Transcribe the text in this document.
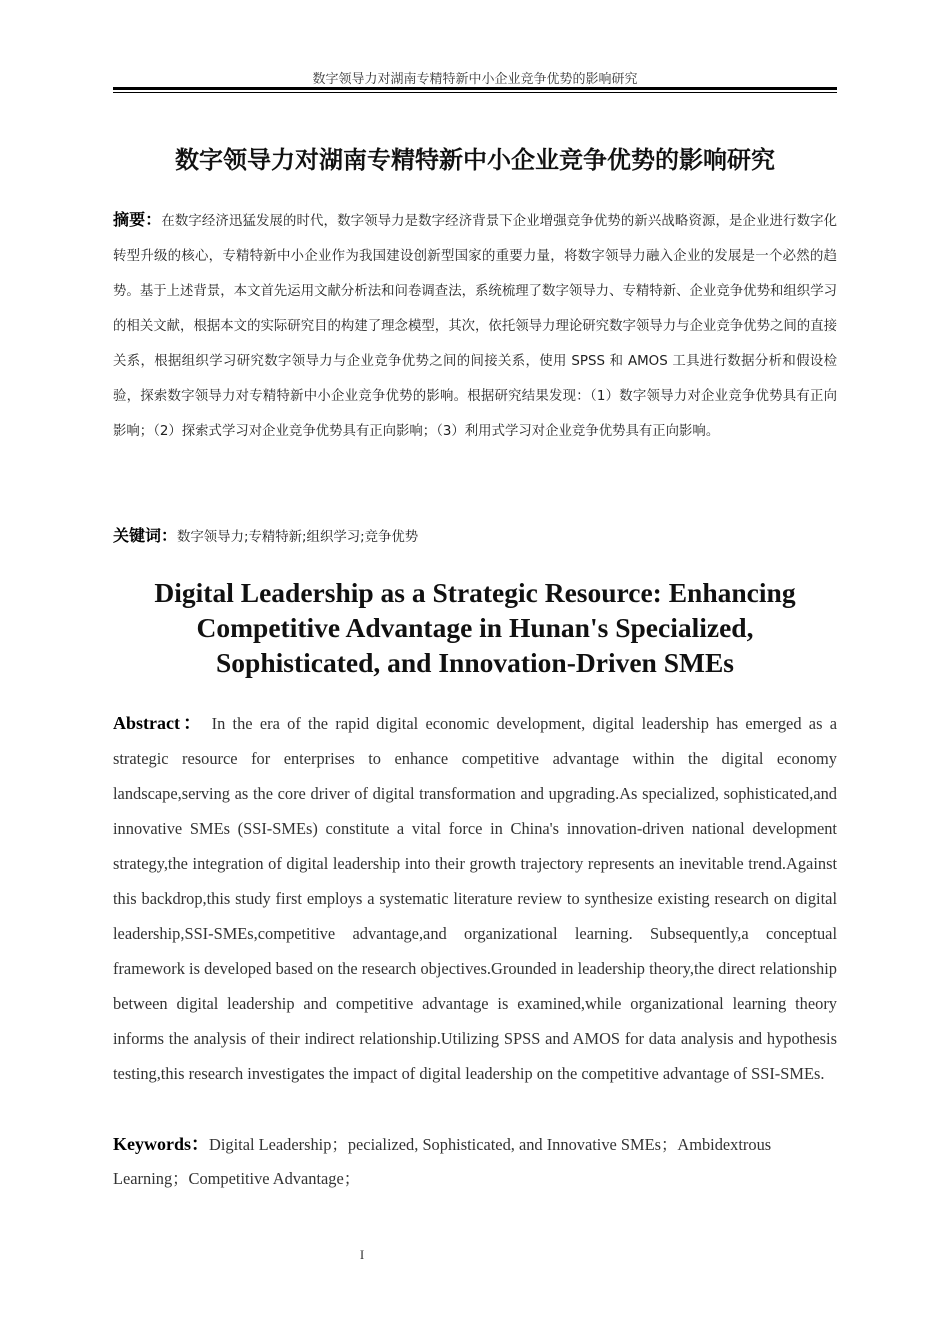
数字领导力对湖南专精特新中小企业竞争优势的影响研究
数字领导力对湖南专精特新中小企业竞争优势的影响研究
摘要：在数字经济迅猛发展的时代，数字领导力是数字经济背景下企业增强竞争优势的新兴战略资源，是企业进行数字化转型升级的核心，专精特新中小企业作为我国建设创新型国家的重要力量，将数字领导力融入企业的发展是一个必然的趋势。基于上述背景，本文首先运用文献分析法和问卷调查法，系统梳理了数字领导力、专精特新、企业竞争优势和组织学习的相关文献，根据本文的实际研究目的构建了理念模型，其次，依托领导力理论研究数字领导力与企业竞争优势之间的直接关系，根据组织学习研究数字领导力与企业竞争优势之间的间接关系，使用 SPSS 和 AMOS 工具进行数据分析和假设检验，探索数字领导力对专精特新中小企业竞争优势的影响。根据研究结果发现：（1）数字领导力对企业竞争优势具有正向影响；（2）探索式学习对企业竞争优势具有正向影响；（3）利用式学习对企业竞争优势具有正向影响。
关键词：数字领导力;专精特新;组织学习;竞争优势
Digital Leadership as a Strategic Resource: Enhancing Competitive Advantage in Hunan's Specialized, Sophisticated, and Innovation-Driven SMEs
Abstract： In the era of the rapid digital economic development, digital leadership has emerged as a strategic resource for enterprises to enhance competitive advantage within the digital economy landscape,serving as the core driver of digital transformation and upgrading.As specialized, sophisticated,and innovative SMEs (SSI-SMEs) constitute a vital force in China's innovation-driven national development strategy,the integration of digital leadership into their growth trajectory represents an inevitable trend.Against this backdrop,this study first employs a systematic literature review to synthesize existing research on digital leadership,SSI-SMEs,competitive advantage,and organizational learning. Subsequently,a conceptual framework is developed based on the research objectives.Grounded in leadership theory,the direct relationship between digital leadership and competitive advantage is examined,while organizational learning theory informs the analysis of their indirect relationship.Utilizing SPSS and AMOS for data analysis and hypothesis testing,this research investigates the impact of digital leadership on the competitive advantage of SSI-SMEs.
Keywords：Digital Leadership；pecialized, Sophisticated, and Innovative SMEs；Ambidextrous Learning；Competitive Advantage；
I
